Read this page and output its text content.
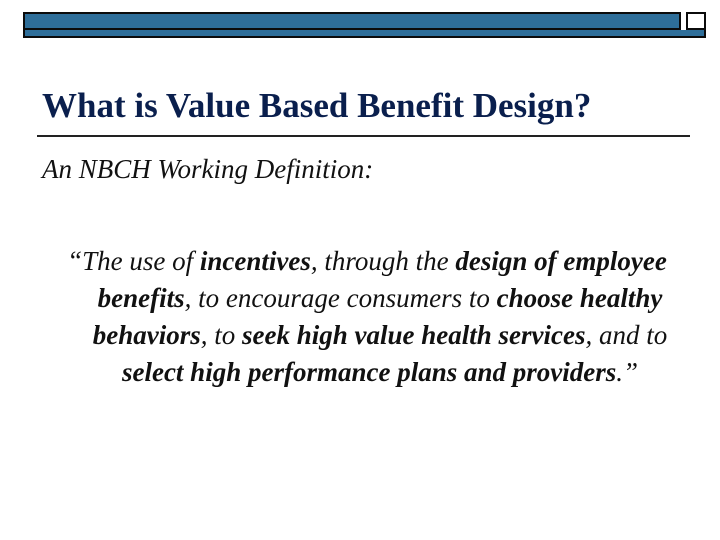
What is Value Based Benefit Design?
An NBCH Working Definition:
“The use of incentives, through the design of employee benefits, to encourage consumers to choose healthy behaviors, to seek high value health services, and to select high performance plans and providers.”
